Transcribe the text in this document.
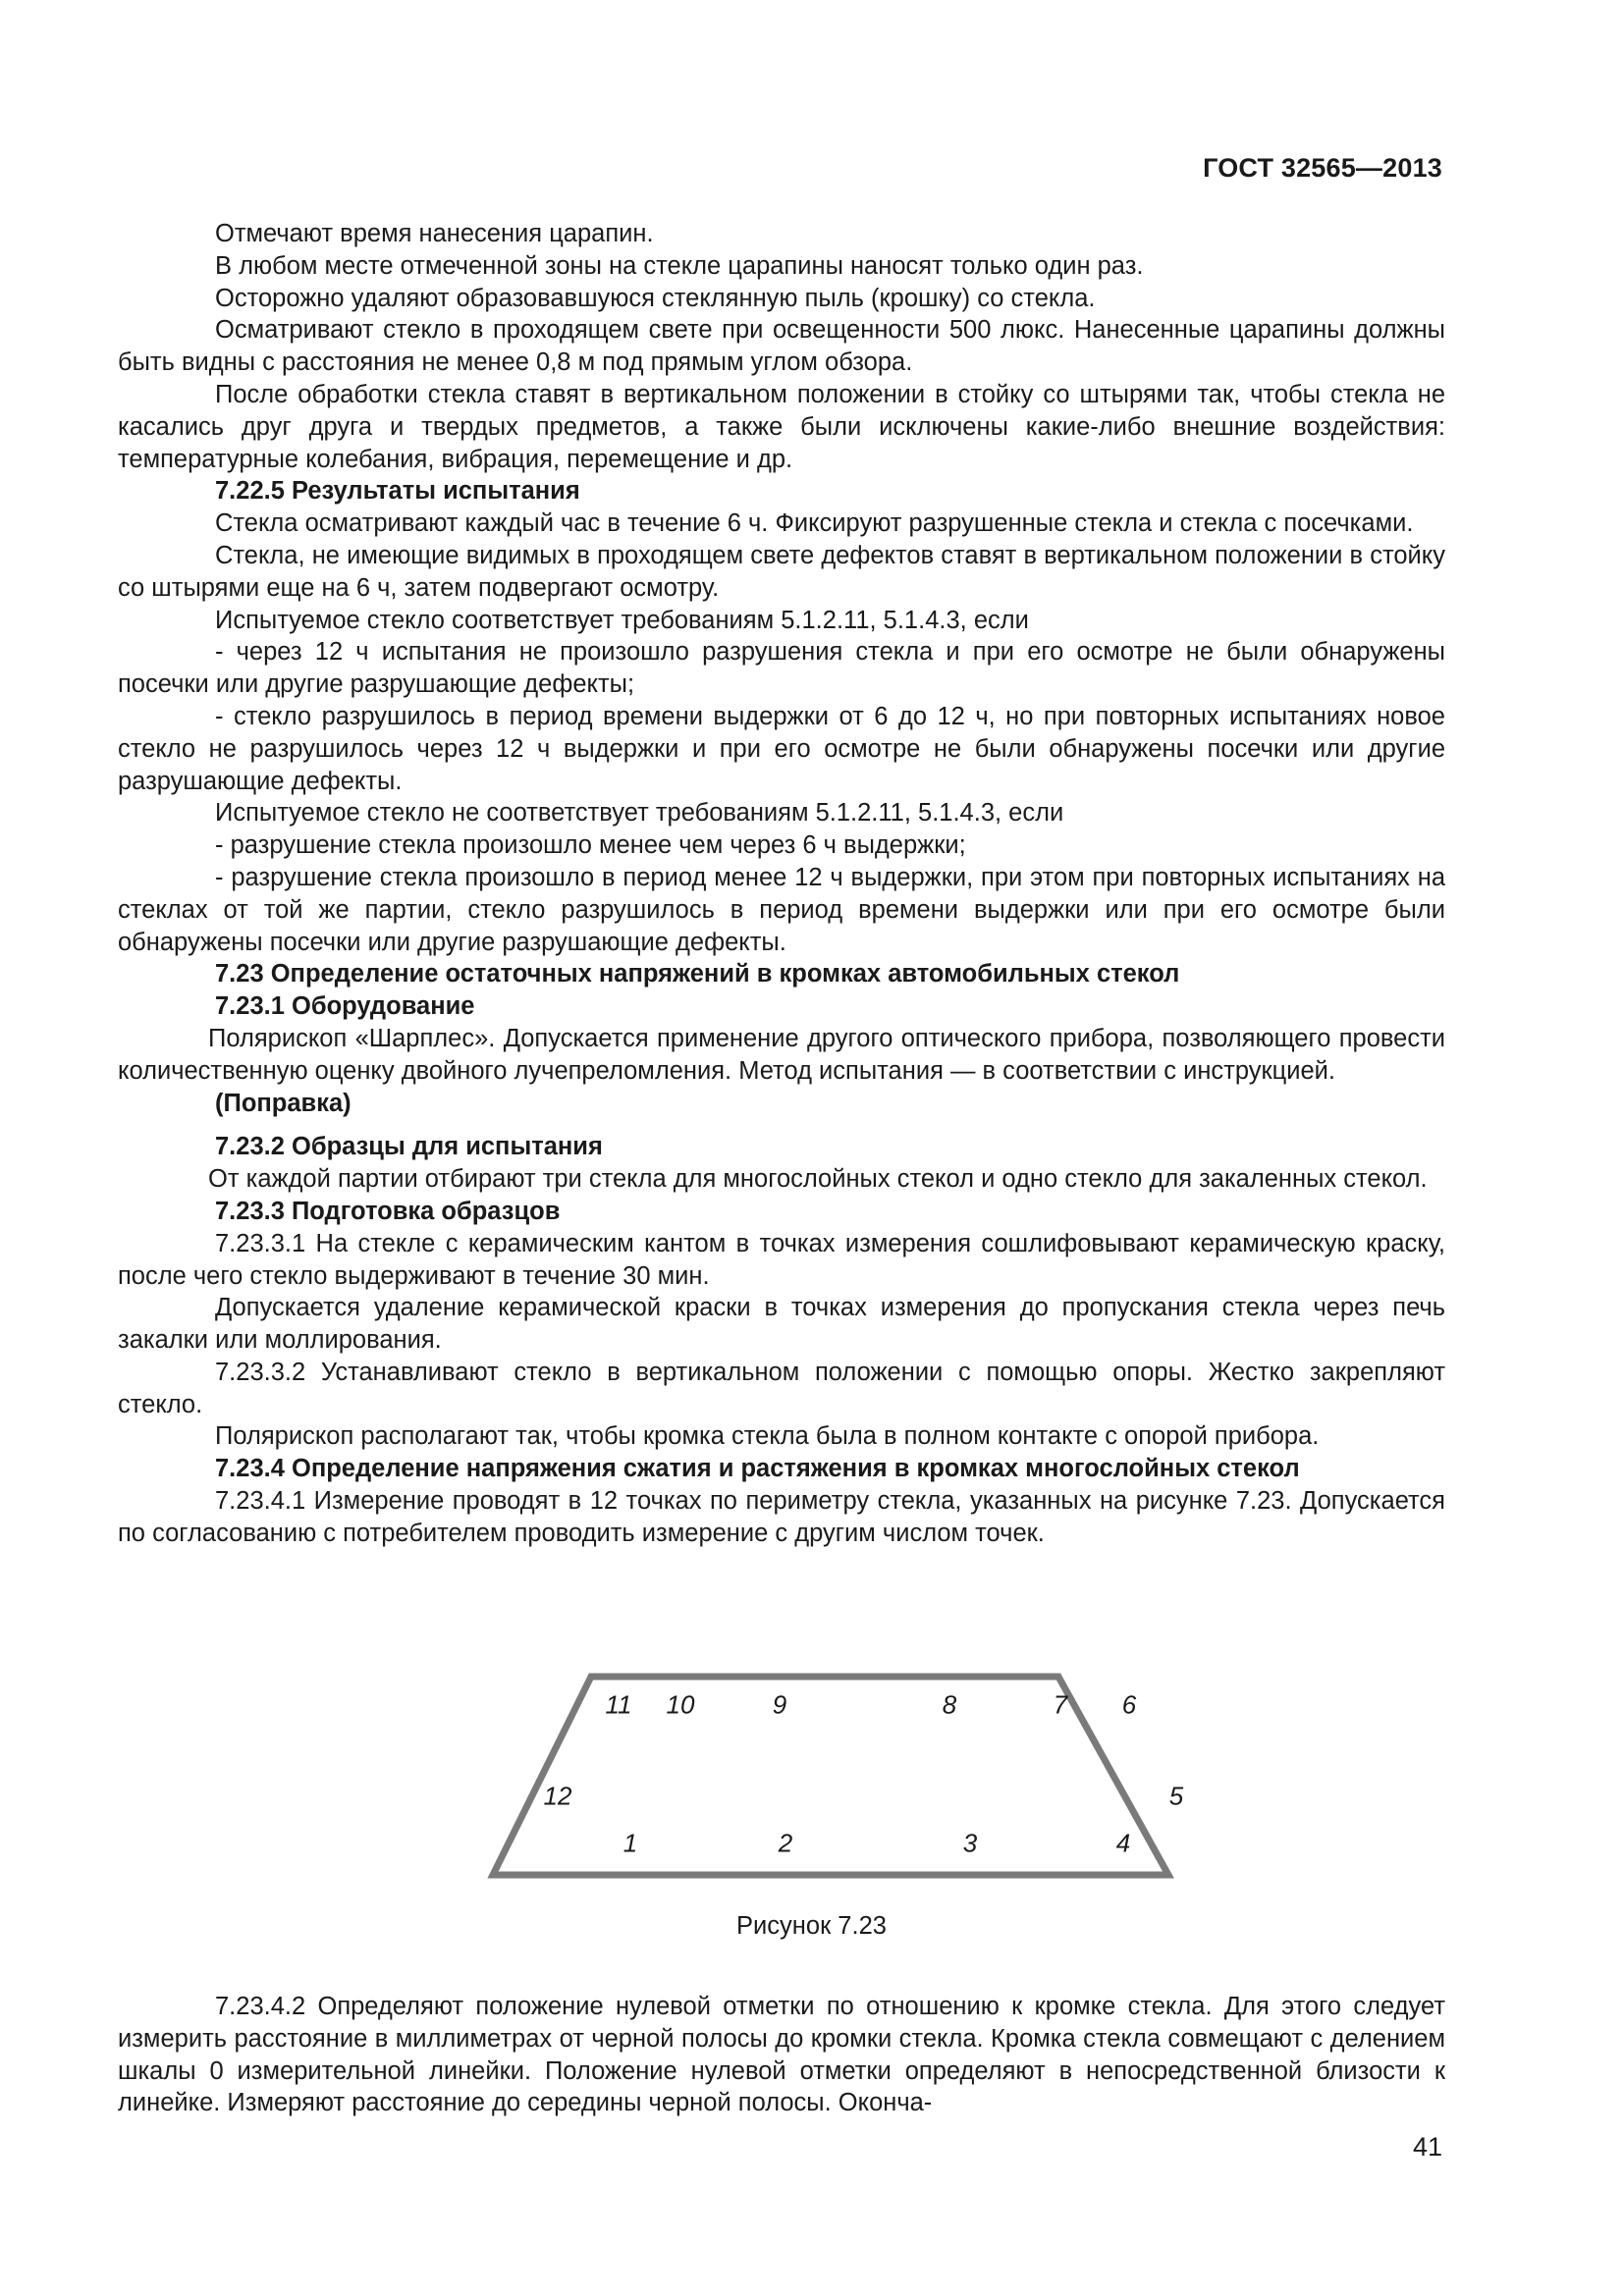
ГОСТ 32565—2013

Отмечают время нанесения царапин.

В любом месте отмеченной зоны на стекле царапины наносят только один раз.

Осторожно удаляют образовавшуюся стеклянную пыль (крошку) со стекла.

Осматривают стекло в проходящем свете при освещенности 500 люкс. Нанесенные царапины должны быть видны с расстояния не менее 0,8 м под прямым углом обзора.

После обработки стекла ставят в вертикальном положении в стойку со штырями так, чтобы стекла не касались друг друга и твердых предметов, а также были исключены какие-либо внешние воздействия: температурные колебания, вибрация, перемещение и др.

7.22.5 Результаты испытания

Стекла осматривают каждый час в течение 6 ч. Фиксируют разрушенные стекла и стекла с посечками.

Стекла, не имеющие видимых в проходящем свете дефектов ставят в вертикальном положении в стойку со штырями еще на 6 ч, затем подвергают осмотру.

Испытуемое стекло соответствует требованиям 5.1.2.11, 5.1.4.3, если

- через 12 ч испытания не произошло разрушения стекла и при его осмотре не были обнаружены посечки или другие разрушающие дефекты;

- стекло разрушилось в период времени выдержки от 6 до 12 ч, но при повторных испытаниях новое стекло не разрушилось через 12 ч выдержки и при его осмотре не были обнаружены посечки или другие разрушающие дефекты.

Испытуемое стекло не соответствует требованиям 5.1.2.11, 5.1.4.3, если

- разрушение стекла произошло менее чем через 6 ч выдержки;

- разрушение стекла произошло в период менее 12 ч выдержки, при этом при повторных испытаниях на стеклах от той же партии, стекло разрушилось в период времени выдержки или при его осмотре были обнаружены посечки или другие разрушающие дефекты.

7.23 Определение остаточных напряжений в кромках автомобильных стекол

7.23.1 Оборудование

Полярископ «Шарплес». Допускается применение другого оптического прибора, позволяющего провести количественную оценку двойного лучепреломления. Метод испытания — в соответствии с инструкцией.

(Поправка)

7.23.2 Образцы для испытания

От каждой партии отбирают три стекла для многослойных стекол и одно стекло для закаленных стекол.

7.23.3 Подготовка образцов

7.23.3.1 На стекле с керамическим кантом в точках измерения сошлифовывают керамическую краску, после чего стекло выдерживают в течение 30 мин.

Допускается удаление керамической краски в точках измерения до пропускания стекла через печь закалки или моллирования.

7.23.3.2 Устанавливают стекло в вертикальном положении с помощью опоры. Жестко закрепляют стекло.

Полярископ располагают так, чтобы кромка стекла была в полном контакте с опорой прибора.

7.23.4 Определение напряжения сжатия и растяжения в кромках многослойных стекол

7.23.4.1 Измерение проводят в 12 точках по периметру стекла, указанных на рисунке 7.23. Допускается по согласованию с потребителем проводить измерение с другим числом точек.

1	2	3	4
5
6
7
8
9
10
11
12
Рисунок 7.23

7.23.4.2 Определяют положение нулевой отметки по отношению к кромке стекла. Для этого следует измерить расстояние в миллиметрах от черной полосы до кромки стекла. Кромка стекла совмещают с делением шкалы 0 измерительной линейки. Положение нулевой отметки определяют в непосредственной близости к линейке. Измеряют расстояние до середины черной полосы. Оконча-

41
